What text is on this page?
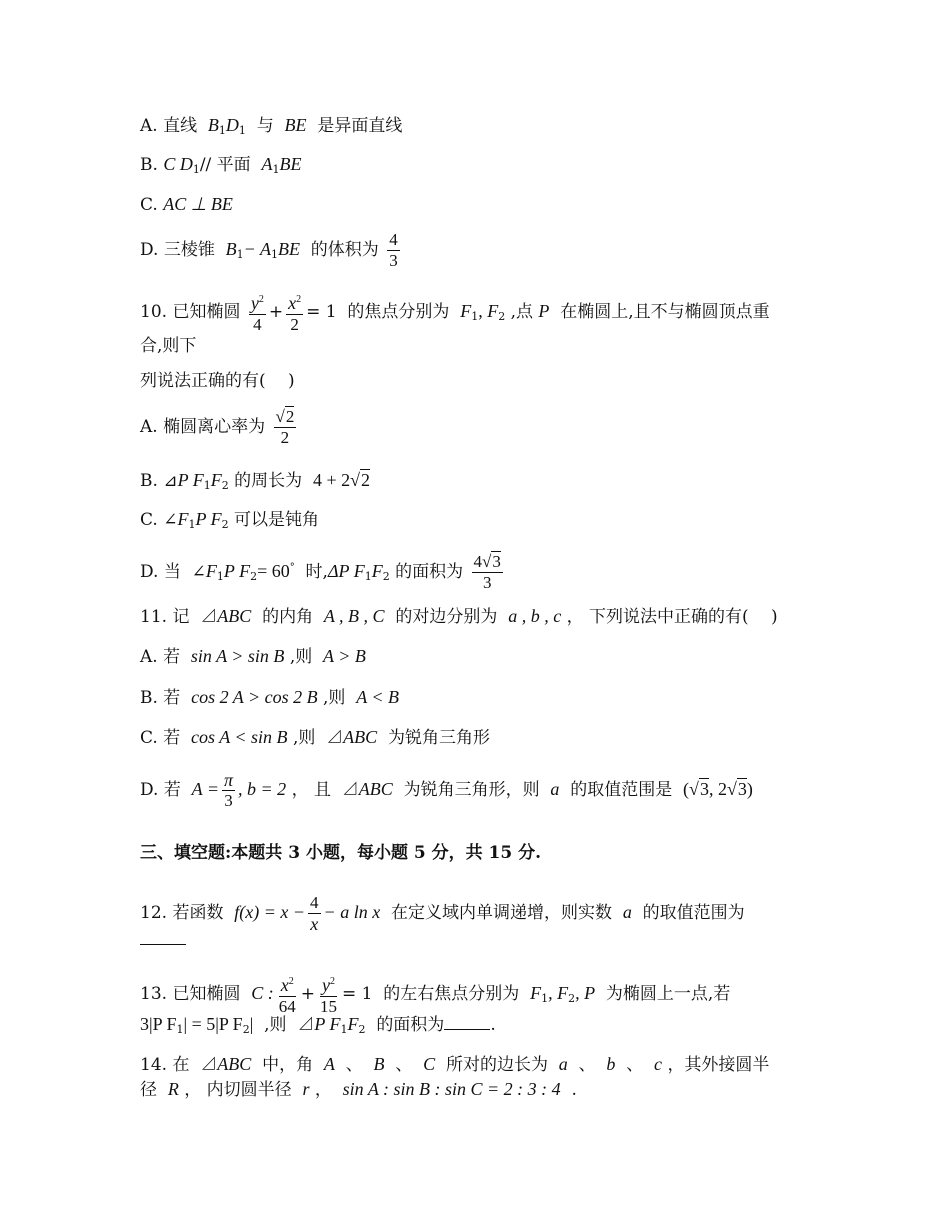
A. 直线 $B_1D_1$ 与 BE 是异面直线
B. C $D_1//$ 平面 $A_1BE$
C. AC ⊥ BE
D. 三棱锥 $B_1- A_1BE$ 的体积为 $\frac{4}{3}$
10. 已知椭圆 $\frac{y^2}{4} + \frac{x^2}{2} = 1$ 的焦点分别为 $F_1$, $F_2$ ,点 P 在椭圆上,且不与椭圆顶点重
合,则下
列说法正确的有(　 )
A. 椭圆离心率为 $\frac{√2}{2}$
B. ⊿P $F_1F_2$ 的周长为 4 + 2√2
C. $\angle F_1P$ $F_2$ 可以是钝角
D. 当 $\angle F_1P$ $F_2= 60^\circ$ 时,ΔP $F_1F_2$ 的面积为 $\frac{4√3}{3}$
11. 记 ⊿ABC 的内角 A , B , C 的对边分别为 a , b , c ， 下列说法中正确的有(　 )
A. 若 sin A > sin B ,则 A > B
B. 若 cos 2 A > cos 2 B ,则 A < B
C. 若 cos A < sin B ,则 ⊿ABC 为锐角三角形
D. 若 $A = \frac{\pi}{3}$ , b = 2 ， 且 ⊿ABC 为锐角三角形，则 a 的取值范围是 (√3, 2√3)
三、填空题:本题共 3 小题，每小题 5 分，共 15 分.
12. 若函数 $f(x) = x - \frac{4}{x} - a$ ln x 在定义域内单调递增，则实数 a 的取值范围为
13. 已知椭圆 C : $\frac{x^2}{64} + \frac{y^2}{15} = 1$ 的左右焦点分别为 $F_1$, $F_2$, P 为椭圆上一点,若
3|P $F_1| = 5|P$ $F_2|$ ,则 ⊿P $F_1F_2$ 的面积为	.
14. 在 ⊿ABC 中，角 A 、 B 、 C 所对的边长为 a 、 b 、 c ，其外接圆半
径 R ， 内切圆半径 r ， sin A : sin B : sin C = 2 : 3 : 4 .
